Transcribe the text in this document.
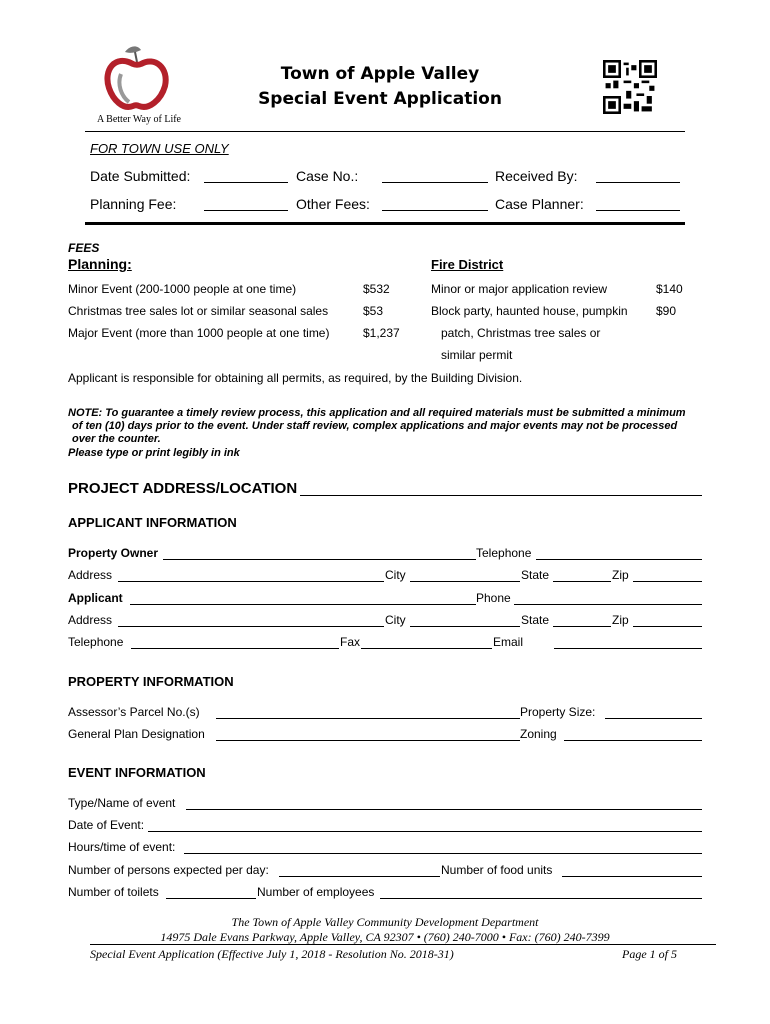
A Better Way of Life
Town of Apple Valley
Special Event Application
FOR TOWN USE ONLY
Date Submitted:	Case No.:	Received By:
Planning Fee:	Other Fees:	Case Planner:
FEES
Planning:	Fire District
Minor Event (200-1000 people at one time)	$532
Christmas tree sales lot or similar seasonal sales	$53
Major Event (more than 1000 people at one time)	$1,237
Minor or major application review	$140
Block party, haunted house, pumpkin $90
patch, Christmas tree sales or
similar permit
Applicant is responsible for obtaining all permits, as required, by the Building Division.
NOTE: To guarantee a timely review process, this application and all required materials must be submitted a minimum
of ten (10) days prior to the event. Under staff review, complex applications and major events may not be processed
over the counter.
Please type or print legibly in ink
PROJECT ADDRESS/LOCATION
APPLICANT INFORMATION
Property Owner	Telephone
Address	City	State	Zip
Applicant	Phone
Address	City	State	Zip
Telephone	Fax	Email
PROPERTY INFORMATION
Assessor’s Parcel No.(s)	Property Size:
General Plan Designation	Zoning
EVENT INFORMATION
Type/Name of event
Date of Event:
Hours/time of event:
Number of persons expected per day:	Number of food units
Number of toilets	Number of employees
The Town of Apple Valley Community Development Department
14975 Dale Evans Parkway, Apple Valley, CA 92307 • (760) 240-7000 • Fax: (760) 240-7399
Special Event Application (Effective July 1, 2018 - Resolution No. 2018-31)	Page 1 of 5
